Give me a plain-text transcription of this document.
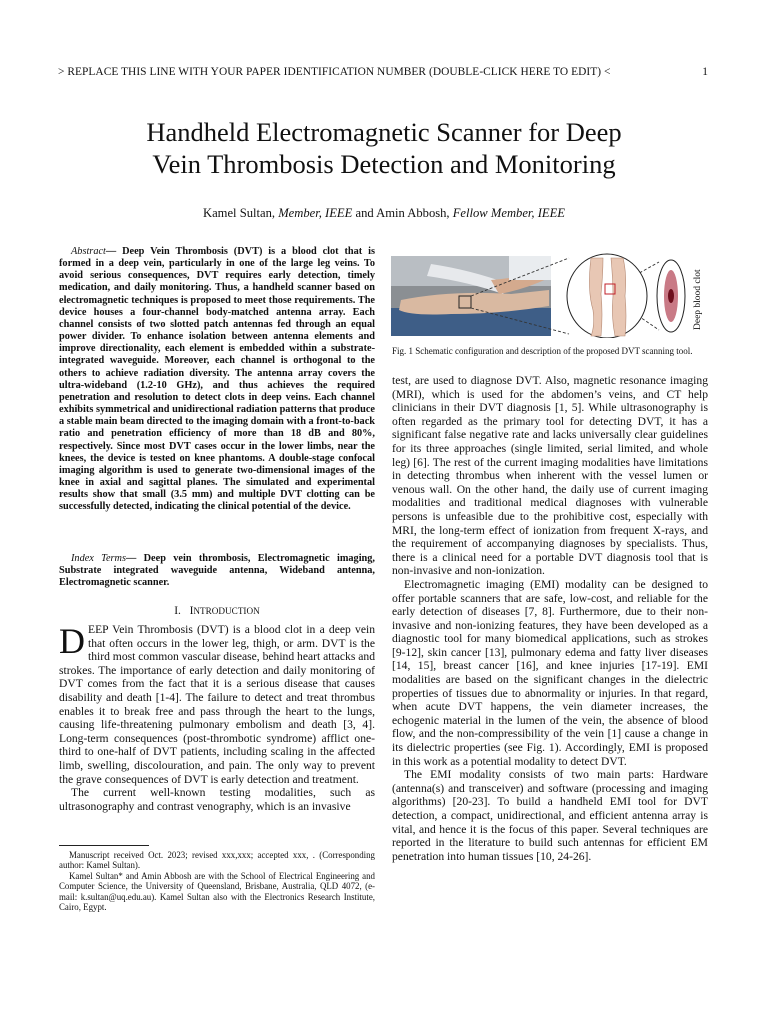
> REPLACE THIS LINE WITH YOUR PAPER IDENTIFICATION NUMBER (DOUBLE-CLICK HERE TO EDIT) <	1
Handheld Electromagnetic Scanner for Deep
Vein Thrombosis Detection and Monitoring
Kamel Sultan, Member, IEEE and Amin Abbosh, Fellow Member, IEEE

Abstract— Deep Vein Thrombosis (DVT) is a blood clot that is formed in a deep vein, particularly in one of the large leg veins. To avoid serious consequences, DVT requires early detection, timely medication, and daily monitoring. Thus, a handheld scanner based on electromagnetic techniques is proposed to meet those requirements. The device houses a four-channel body-matched antenna array. Each channel consists of two slotted patch antennas fed through an equal power divider. To enhance isolation between antenna elements and improve directionality, each element is embedded within a substrate-integrated waveguide. Moreover, each channel is orthogonal to the others to achieve radiation diversity. The antenna array covers the ultra-wideband (1.2-10 GHz), and thus achieves the required penetration and resolution to detect clots in deep veins. Each channel exhibits symmetrical and unidirectional radiation patterns that produce a stable main beam directed to the imaging domain with a front-to-back ratio and penetration efficiency of more than 18 dB and 80%, respectively. Since most DVT cases occur in the lower limbs, near the knees, the device is tested on knee phantoms. A double-stage confocal imaging algorithm is used to generate two-dimensional images of the knee in axial and sagittal planes. The simulated and experimental results show that small (3.5 mm) and multiple DVT clotting can be successfully detected, indicating the clinical potential of the device.

Index Terms— Deep vein thrombosis, Electromagnetic imaging, Substrate integrated waveguide antenna, Wideband antenna, Electromagnetic scanner.

I. INTRODUCTION

DEEP Vein Thrombosis (DVT) is a blood clot in a deep vein that often occurs in the lower leg, thigh, or arm. DVT is the third most common vascular disease, behind heart attacks and strokes. The importance of early detection and daily monitoring of DVT comes from the fact that it is a serious disease that causes disability and death [1-4]. The failure to detect and treat thrombus enables it to break free and pass through the heart to the lungs, causing life-threatening pulmonary embolism and death [3, 4]. Long-term consequences (post-thrombotic syndrome) afflict one-third to one-half of DVT patients, including scaling in the affected limb, swelling, discolouration, and pain. The only way to prevent the grave consequences of DVT is early detection and treatment.

The current well-known testing modalities, such as ultrasonography and contrast venography, which is an invasive

Manuscript received Oct. 2023; revised xxx,xxx; accepted xxx, . (Corresponding author: Kamel Sultan).

Kamel Sultan* and Amin Abbosh are with the School of Electrical Engineering and Computer Science, the University of Queensland, Brisbane, Australia, QLD 4072, (e-mail: k.sultan@uq.edu.au). Kamel Sultan also with the Electronics Research Institute, Cairo, Egypt.

Deep blood clot

Fig. 1 Schematic configuration and description of the proposed DVT scanning tool.

test, are used to diagnose DVT. Also, magnetic resonance imaging (MRI), which is used for the abdomen’s veins, and CT help clinicians in their DVT diagnosis [1, 5]. While ultrasonography is often regarded as the primary tool for detecting DVT, it has a significant false negative rate and lacks universally clear guidelines for its three approaches (single limited, serial limited, and whole leg) [6]. The rest of the current imaging modalities have limitations in detecting thrombus when inherent with the vessel lumen or venous wall. On the other hand, the daily use of current imaging modalities and traditional medical diagnoses with vulnerable persons is unfeasible due to the prohibitive cost, especially with MRI, the long-term effect of ionization from frequent X-rays, and the requirement of accompanying diagnoses by specialists. Thus, there is a clinical need for a portable DVT diagnosis tool that is non-invasive and non-ionization.

Electromagnetic imaging (EMI) modality can be designed to offer portable scanners that are safe, low-cost, and reliable for the early detection of diseases [7, 8]. Furthermore, due to their non-invasive and non-ionizing features, they have been developed as a diagnostic tool for many biomedical applications, such as strokes [9-12], skin cancer [13], pulmonary edema and fatty liver diseases [14, 15], breast cancer [16], and knee injuries [17-19]. EMI modalities are based on the significant changes in the dielectric properties of tissues due to abnormality or injuries. In that regard, when acute DVT happens, the vein diameter increases, the echogenic material in the lumen of the vein, the absence of blood flow, and the non-compressibility of the vein [1] cause a change in its dielectric properties (see Fig. 1). Accordingly, EMI is proposed in this work as a potential modality to detect DVT.

The EMI modality consists of two main parts: Hardware (antenna(s) and transceiver) and software (processing and imaging algorithms) [20-23]. To build a handheld EMI tool for DVT detection, a compact, unidirectional, and efficient antenna array is vital, and hence it is the focus of this paper. Several techniques are reported in the literature to build such antennas for efficient EM penetration into human tissues [10, 24-26].
